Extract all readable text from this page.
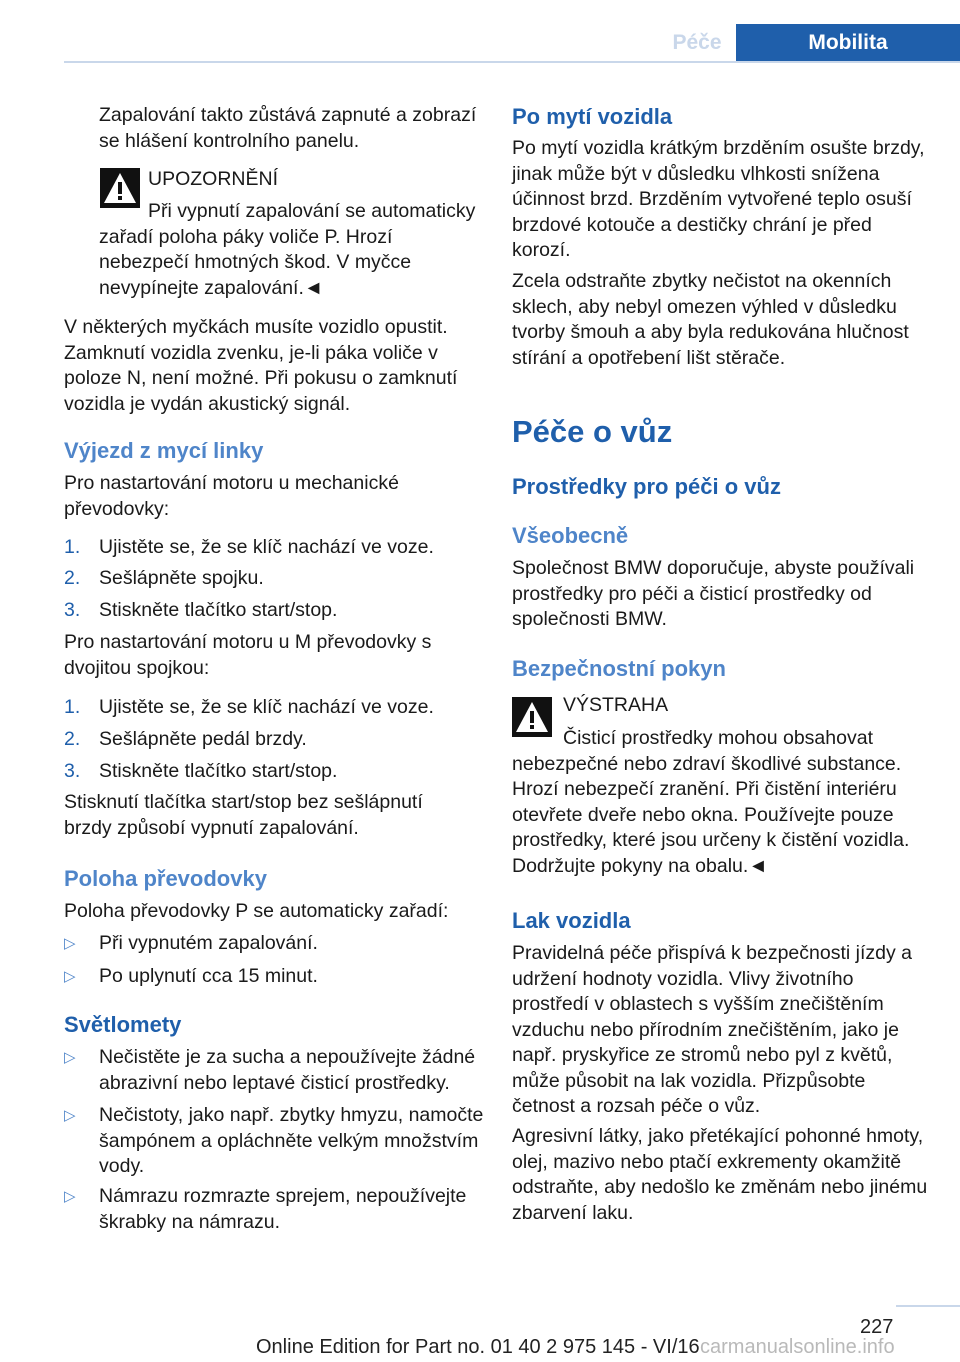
Péče	Mobilita
Zapalování takto zůstává zapnuté a zobrazí se hlášení kontrolního panelu.
UPOZORNĚNÍ
Při vypnutí zapalování se automaticky zařadí poloha páky voliče P. Hrozí nebezpečí hmotných škod. V myčce nevypínejte zapalování.◄
V některých myčkách musíte vozidlo opustit. Zamknutí vozidla zvenku, je-li páka voliče v poloze N, není možné. Při pokusu o zamknutí vozidla je vydán akustický signál.
Výjezd z mycí linky
Pro nastartování motoru u mechanické převodovky:
1. Ujistěte se, že se klíč nachází ve voze.
2. Sešlápněte spojku.
3. Stiskněte tlačítko start/stop.
Pro nastartování motoru u M převodovky s dvojitou spojkou:
1. Ujistěte se, že se klíč nachází ve voze.
2. Sešlápněte pedál brzdy.
3. Stiskněte tlačítko start/stop.
Stisknutí tlačítka start/stop bez sešlápnutí brzdy způsobí vypnutí zapalování.
Poloha převodovky
Poloha převodovky P se automaticky zařadí:
▷ Při vypnutém zapalování.
▷ Po uplynutí cca 15 minut.
Světlomety
▷ Nečistěte je za sucha a nepoužívejte žádné abrazivní nebo leptavé čisticí prostředky.
▷ Nečistoty, jako např. zbytky hmyzu, namočte šampónem a opláchněte velkým množstvím vody.
▷ Námrazu rozmrazte sprejem, nepoužívejte škrabky na námrazu.
Po mytí vozidla
Po mytí vozidla krátkým brzděním osušte brzdy, jinak může být v důsledku vlhkosti snížena účinnost brzd. Brzděním vytvořené teplo osuší brzdové kotouče a destičky chrání je před korozí.
Zcela odstraňte zbytky nečistot na okenních sklech, aby nebyl omezen výhled v důsledku tvorby šmouh a aby byla redukována hlučnost stírání a opotřebení lišt stěrače.
Péče o vůz
Prostředky pro péči o vůz
Všeobecně
Společnost BMW doporučuje, abyste používali prostředky pro péči a čisticí prostředky od společnosti BMW.
Bezpečnostní pokyn
VÝSTRAHA
Čisticí prostředky mohou obsahovat nebezpečné nebo zdraví škodlivé substance. Hrozí nebezpečí zranění. Při čistění interiéru otevřete dveře nebo okna. Používejte pouze prostředky, které jsou určeny k čistění vozidla. Dodržujte pokyny na obalu.◄
Lak vozidla
Pravidelná péče přispívá k bezpečnosti jízdy a udržení hodnoty vozidla. Vlivy životního prostředí v oblastech s vyšším znečištěním vzduchu nebo přírodním znečištěním, jako je např. pryskyřice ze stromů nebo pyl z květů, může působit na lak vozidla. Přizpůsobte četnost a rozsah péče o vůz.
Agresivní látky, jako přetékající pohonné hmoty, olej, mazivo nebo ptačí exkrementy okamžitě odstraňte, aby nedošlo ke změnám nebo jinému zbarvení laku.
227
Online Edition for Part no. 01 40 2 975 145 - VI/16 carmanualsonline.info
